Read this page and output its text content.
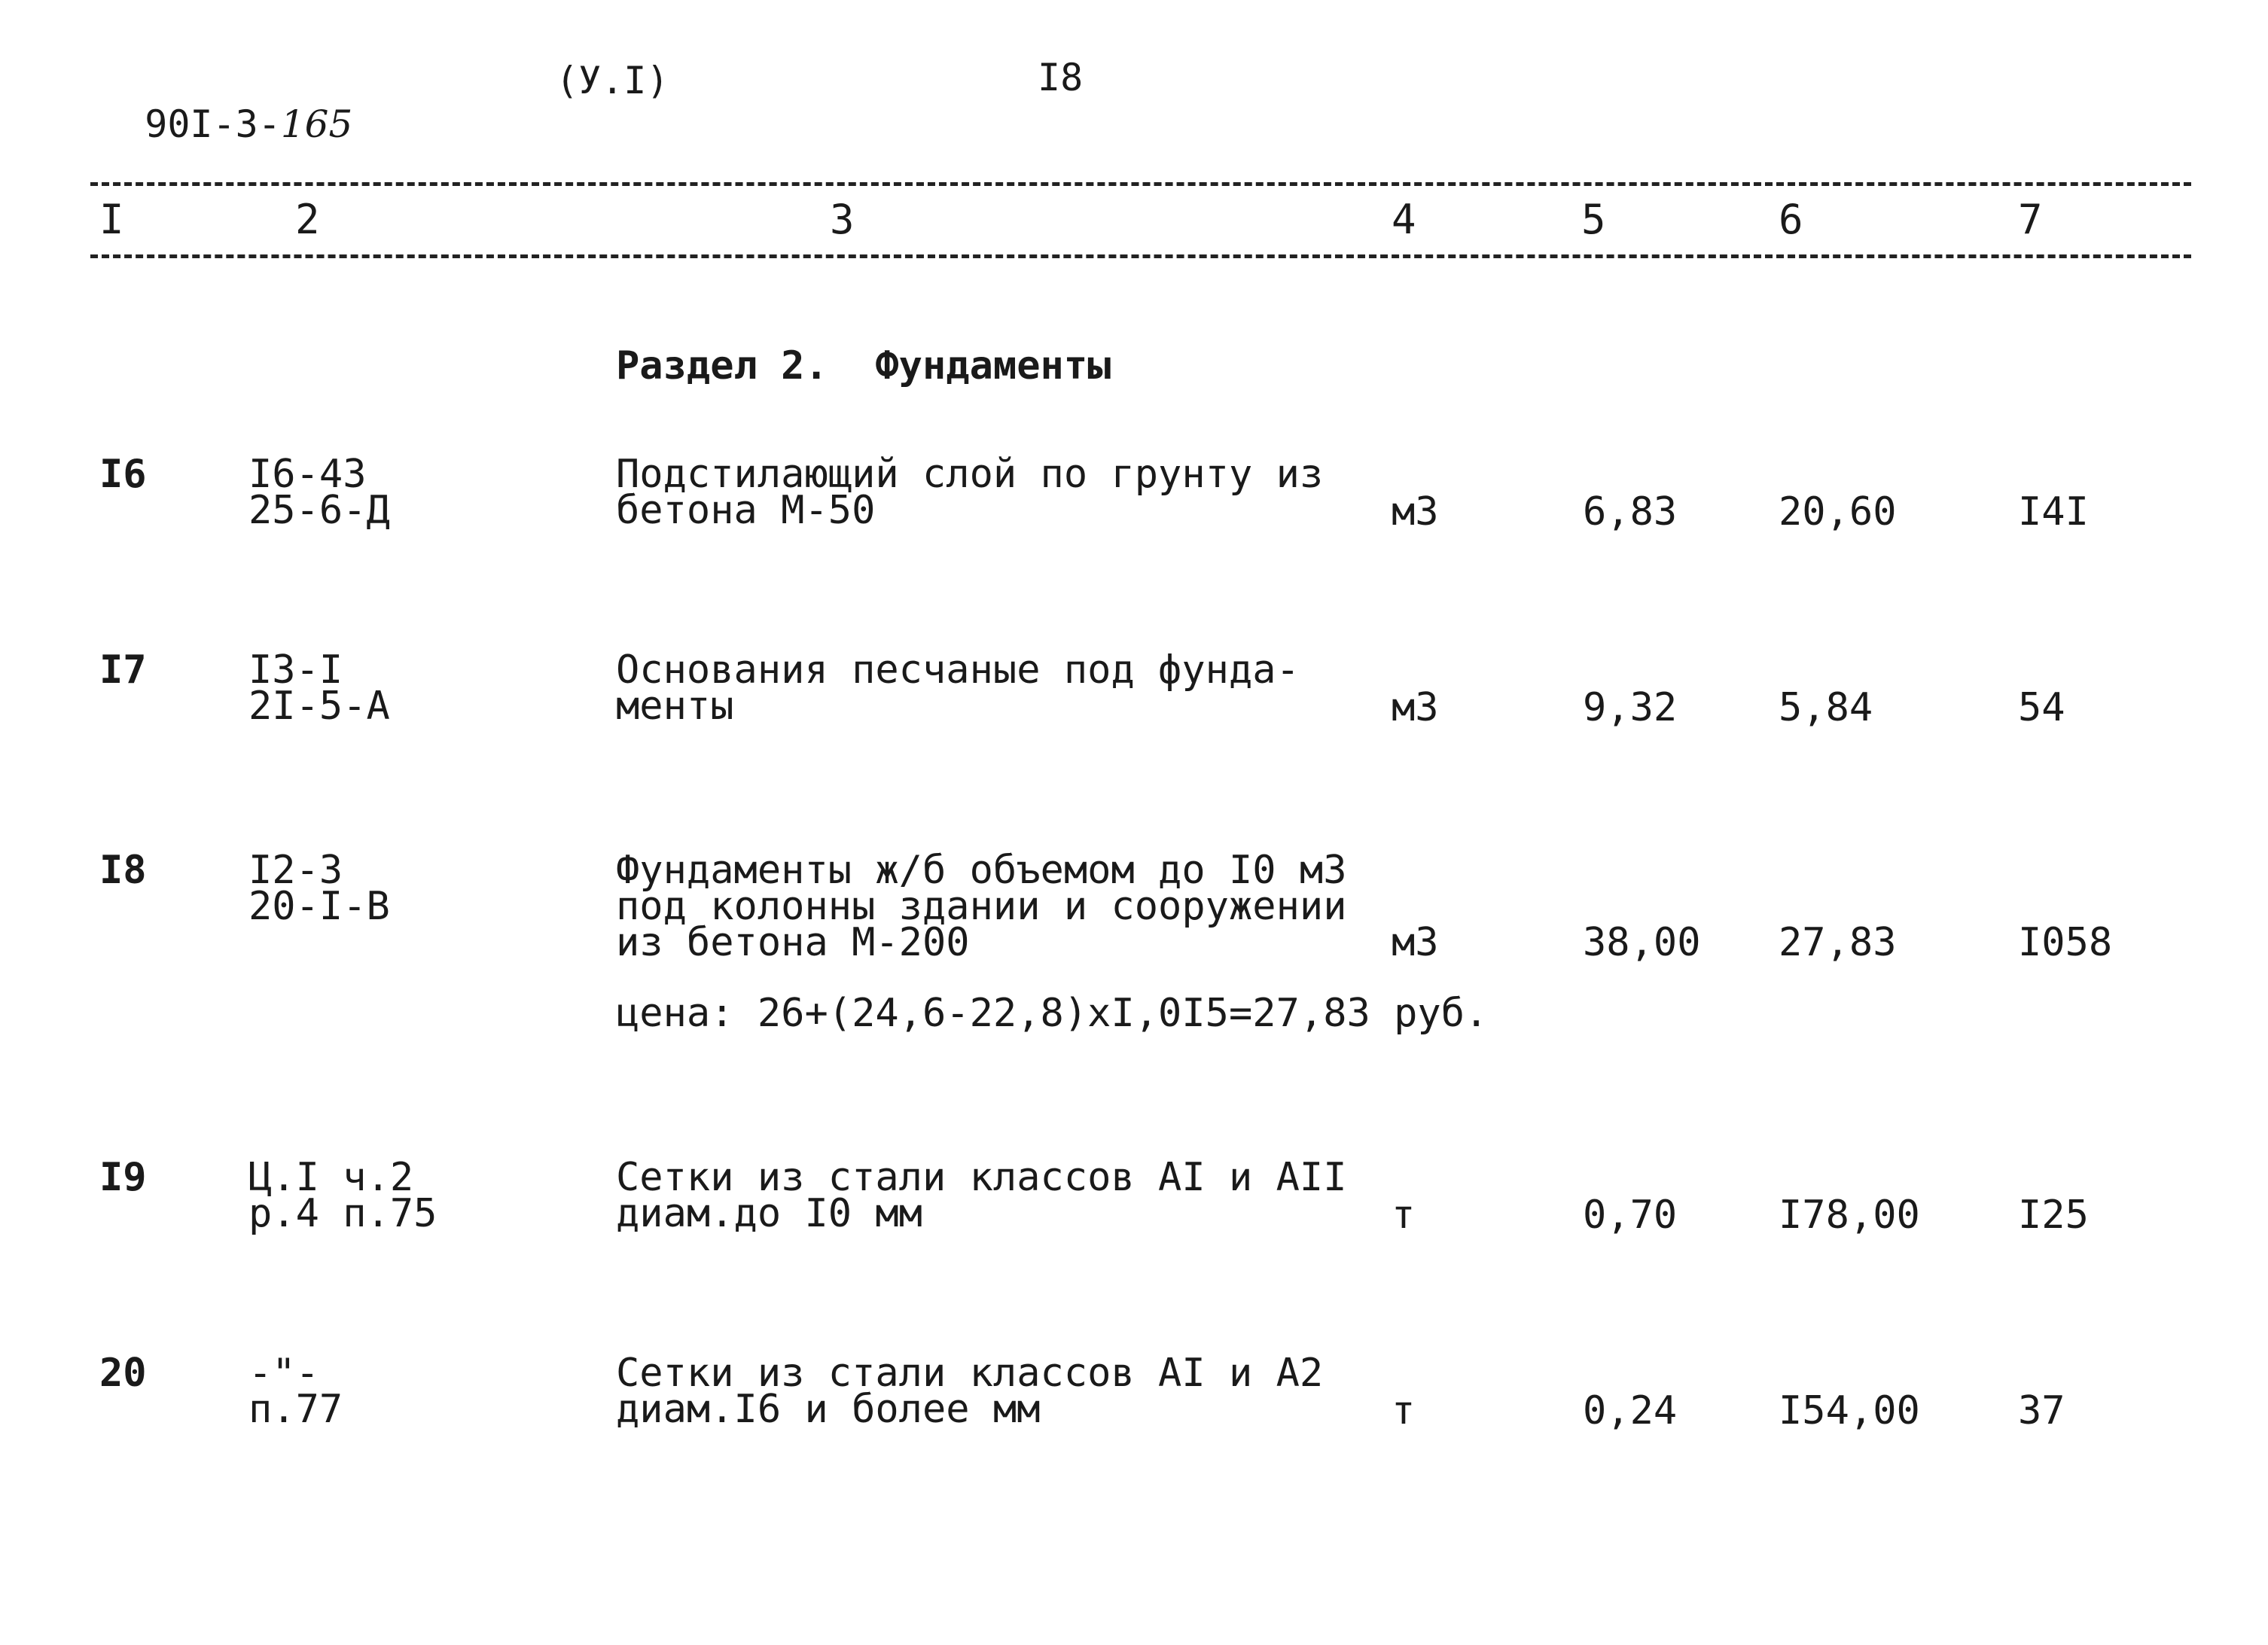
90I-3-165

(У.I)	I8
I	2	3	4	5	6	7
Раздел 2.  Фундаменты
I6	I6-43
25-6-Д
Подстилающий слой по грунту из
бетона М-50	м3	6,83	20,60	I4I
I7	I3-I
2I-5-А
Основания песчаные под фунда-
менты	м3	9,32	5,84	54
I8	I2-3
20-I-В
Фундаменты ж/б объемом до I0 м3
под колонны здании и сооружении
из бетона М-200	м3	38,00 27,83	I058
цена: 26+(24,6-22,8)хI,0I5=27,83 руб.
I9	Ц.I ч.2
р.4 п.75
Сетки из стали классов АI и АII
диам.до I0 мм	т	0,70	I78,00	I25
20	-"-
п.77
Сетки из стали классов АI и А2
диам.I6 и более мм	т	0,24	I54,00	37
